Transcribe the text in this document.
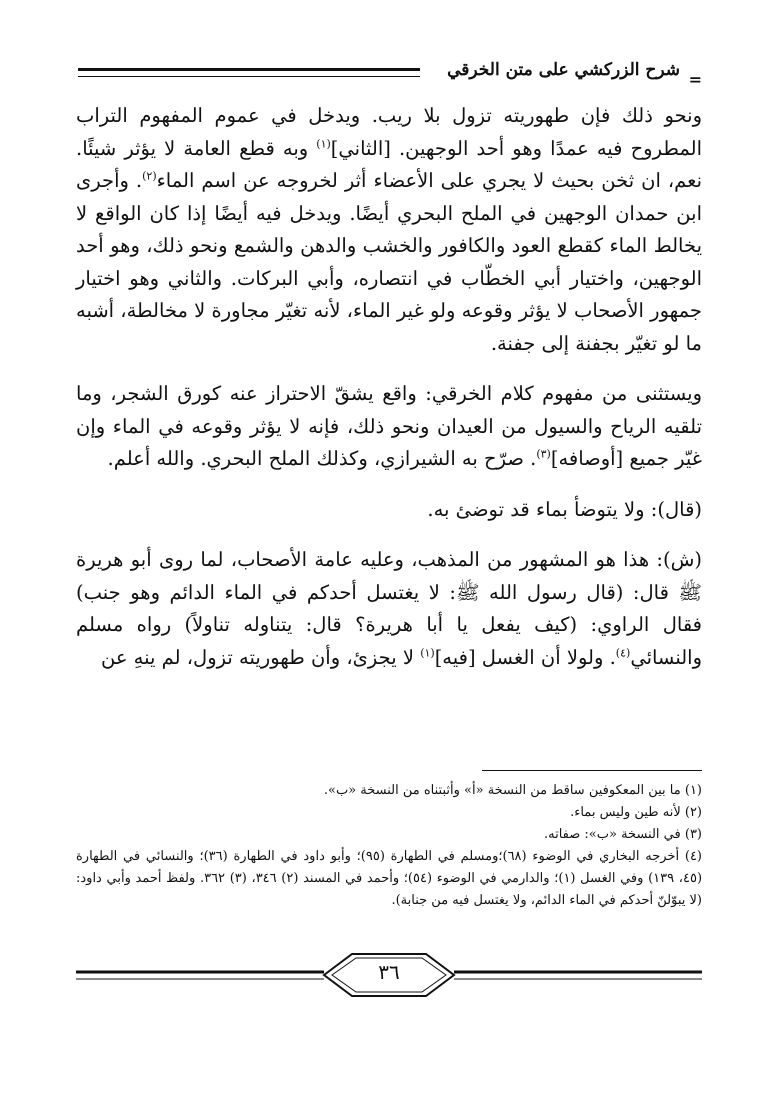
=
شرح الزركشي على متن الخرقي

ونحو ذلك فإن طهوريته تزول بلا ريب. ويدخل في عموم المفهوم التراب المطروح فيه عمدًا وهو أحد الوجهين. [الثاني]$^{(١)}$ وبه قطع العامة لا يؤثر شيئًا. نعم، ان ثخن بحيث لا يجري على الأعضاء أثر لخروجه عن اسم الماء$^{(٢)}$. وأجرى ابن حمدان الوجهين في الملح البحري أيضًا. ويدخل فيه أيضًا إذا كان الواقع لا يخالط الماء كقطع العود والكافور والخشب والدهن والشمع ونحو ذلك، وهو أحد الوجهين، واختيار أبي الخطّاب في انتصاره، وأبي البركات. والثاني وهو اختيار جمهور الأصحاب لا يؤثر وقوعه ولو غير الماء، لأنه تغيّر مجاورة لا مخالطة، أشبه ما لو تغيّر بجفنة إلى جفنة.

ويستثنى من مفهوم كلام الخرقي: واقع يشقّ الاحتراز عنه كورق الشجر، وما تلقيه الرياح والسيول من العيدان ونحو ذلك، فإنه لا يؤثر وقوعه في الماء وإن غيّر جميع [أوصافه]$^{(٣)}$. صرّح به الشيرازي، وكذلك الملح البحري. والله أعلم.

(قال): ولا يتوضأ بماء قد توضئ به.

(ش): هذا هو المشهور من المذهب، وعليه عامة الأصحاب، لما روى أبو هريرة ﷺ قال: (قال رسول الله ﷺ: لا يغتسل أحدكم في الماء الدائم وهو جنب) فقال الراوي: (كيف يفعل يا أبا هريرة؟ قال: يتناوله تناولاً) رواه مسلم والنسائي$^{(٤)}$. ولولا أن الغسل [فيه]$^{(١)}$ لا يجزئ، وأن طهوريته تزول، لم ينهِ عن

(١) ما بين المعكوفين ساقط من النسخة «أ» وأثبتناه من النسخة «ب».

(٢) لأنه طين وليس بماء.

(٣) في النسخة «ب»: صفاته.

(٤) أخرجه البخاري في الوضوء (٦٨)؛ومسلم في الطهارة (٩٥)؛ وأبو داود في الطهارة (٣٦)؛ والنسائي في الطهارة (٤٥، ١٣٩) وفي الغسل (١)؛ والدارمي في الوضوء (٥٤)؛ وأحمد في المسند (٢) ٣٤٦، (٣) ٣٦٢. ولفظ أحمد وأبي داود: (لا يبوّلنّ أحدكم في الماء الدائم، ولا يغتسل فيه من جنابة).

٣٦
